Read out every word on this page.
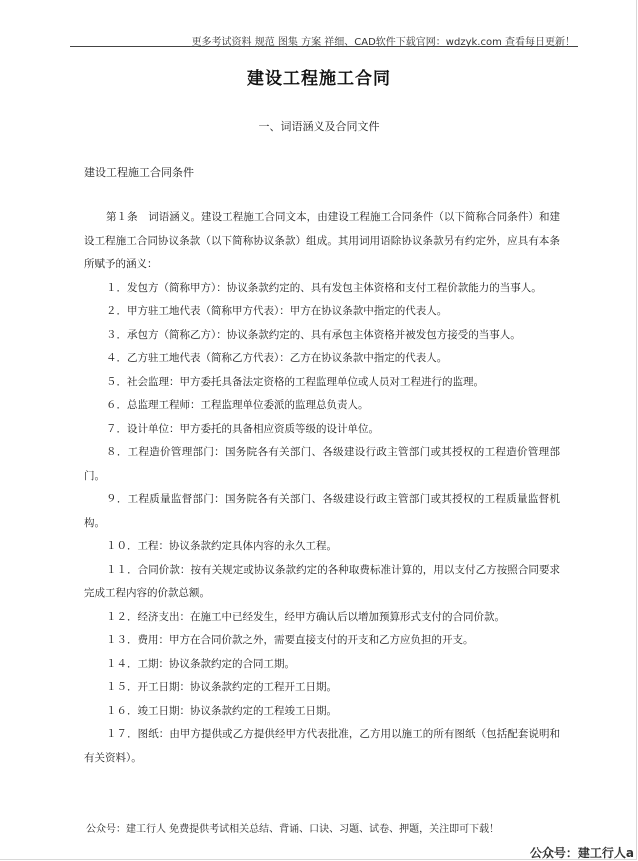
更多考试资料 规范 图集 方案 祥细、CAD软件下载官网：wdzyk.com 查看每日更新！
建设工程施工合同
一、词语涵义及合同文件
建设工程施工合同条件

第１条　词语涵义。建设工程施工合同文本，由建设工程施工合同条件（以下简称合同条件）和建设工程施工合同协议条款（以下简称协议条款）组成。其用词用语除协议条款另有约定外，应具有本条所赋予的涵义：

１．发包方（简称甲方）：协议条款约定的、具有发包主体资格和支付工程价款能力的当事人。

２．甲方驻工地代表（简称甲方代表）：甲方在协议条款中指定的代表人。

３．承包方（简称乙方）：协议条款约定的、具有承包主体资格并被发包方接受的当事人。

４．乙方驻工地代表（简称乙方代表）：乙方在协议条款中指定的代表人。

５．社会监理：甲方委托具备法定资格的工程监理单位或人员对工程进行的监理。

６．总监理工程师：工程监理单位委派的监理总负责人。

７．设计单位：甲方委托的具备相应资质等级的设计单位。

８．工程造价管理部门：国务院各有关部门、各级建设行政主管部门或其授权的工程造价管理部门。

９．工程质量监督部门：国务院各有关部门、各级建设行政主管部门或其授权的工程质量监督机构。

１０．工程：协议条款约定具体内容的永久工程。

１１．合同价款：按有关规定或协议条款约定的各种取费标准计算的，用以支付乙方按照合同要求完成工程内容的价款总额。

１２．经济支出：在施工中已经发生，经甲方确认后以增加预算形式支付的合同价款。

１３．费用：甲方在合同价款之外，需要直接支付的开支和乙方应负担的开支。

１４．工期：协议条款约定的合同工期。

１５．开工日期：协议条款约定的工程开工日期。

１６．竣工日期：协议条款约定的工程竣工日期。

１７．图纸：由甲方提供或乙方提供经甲方代表批准，乙方用以施工的所有图纸（包括配套说明和有关资料）。

公众号：建工行人 免费提供考试相关总结、背诵、口诀、习题、试卷、押题，关注即可下载！
公众号：建工行人a
